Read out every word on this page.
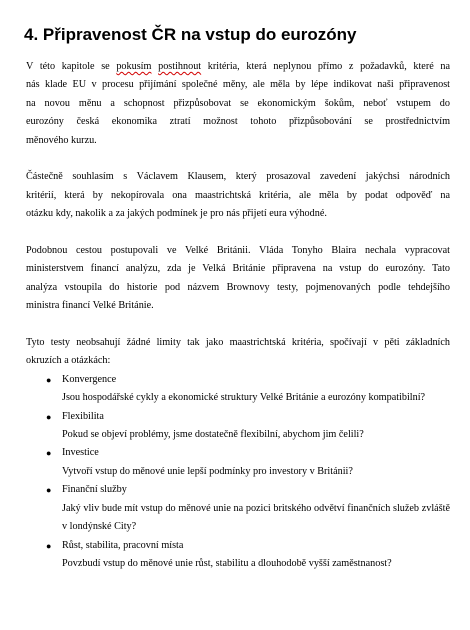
4. Připravenost ČR na vstup do eurozóny

V této kapitole se pokusím postihnout kritéria, která neplynou přímo z požadavků, které na
nás klade EU v procesu přijímání společné měny, ale měla by lépe indikovat naši připravenost
na novou měnu a schopnost přizpůsobovat se ekonomickým šokům, neboť vstupem do
eurozóny česká ekonomika ztratí možnost tohoto přizpůsobování se prostřednictvím
měnového kurzu.

Částečně souhlasím s Václavem Klausem, který prosazoval zavedení jakýchsi národních
kritérií, která by nekopírovala ona maastrichtská kritéria, ale měla by podat odpověď na
otázku kdy, nakolik a za jakých podmínek je pro nás přijetí eura výhodné.

Podobnou cestou postupovali ve Velké Británii. Vláda Tonyho Blaira nechala vypracovat
ministerstvem financí analýzu, zda je Velká Británie připravena na vstup do eurozóny. Tato
analýza vstoupila do historie pod názvem Brownovy testy, pojmenovaných podle tehdejšího
ministra financí Velké Británie.

Tyto testy neobsahují žádné limity tak jako maastrichtská kritéria, spočívají v pěti základních
okruzích a otázkách:

●	Konvergence
Jsou hospodářské cykly a ekonomické struktury Velké Británie a eurozóny kompatibilní?
●	Flexibilita
Pokud se objeví problémy, jsme dostatečně flexibilní, abychom jim čelili?
●	Investice
Vytvoří vstup do měnové unie lepší podmínky pro investory v Británii?
●	Finanční služby
Jaký vliv bude mít vstup do měnové unie na pozici britského odvětví finančních služeb zvláště v londýnské City?
●	Růst, stabilita, pracovní místa
Povzbudí vstup do měnové unie růst, stabilitu a dlouhodobě vyšší zaměstnanost?
